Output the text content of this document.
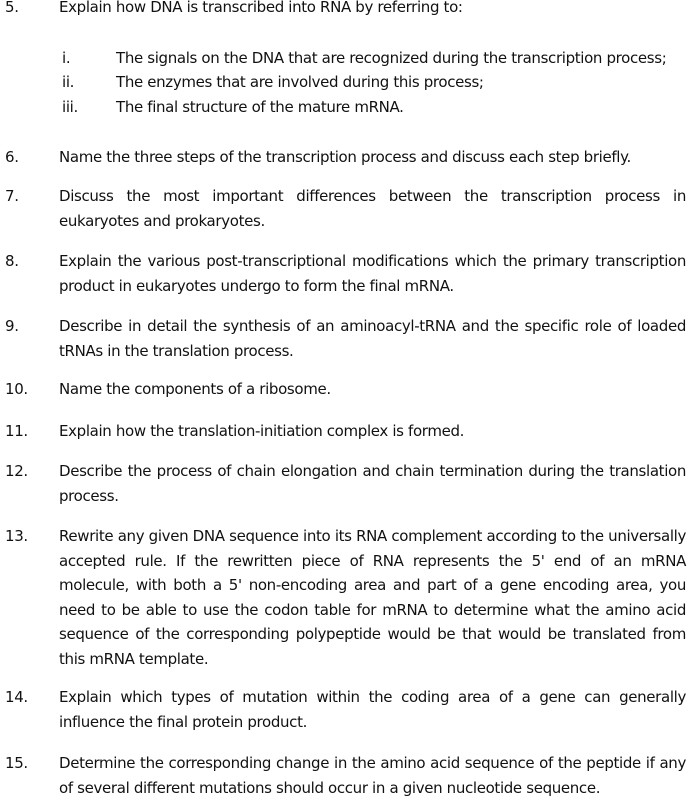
5.	Explain how DNA is transcribed into RNA by referring to:
i.	The signals on the DNA that are recognized during the transcription process;
ii.	The enzymes that are involved during this process;
iii.	The final structure of the mature mRNA.
6.	Name the three steps of the transcription process and discuss each step briefly.
7.	Discuss the most important differences between the transcription process in eukaryotes and prokaryotes.
8.	Explain the various post-transcriptional modifications which the primary transcription product in eukaryotes undergo to form the final mRNA.
9.	Describe in detail the synthesis of an aminoacyl-tRNA and the specific role of loaded tRNAs in the translation process.
10.	Name the components of a ribosome.
11.	Explain how the translation-initiation complex is formed.
12.	Describe the process of chain elongation and chain termination during the translation process.
13.	Rewrite any given DNA sequence into its RNA complement according to the universally accepted rule. If the rewritten piece of RNA represents the 5' end of an mRNA molecule, with both a 5' non-encoding area and part of a gene encoding area, you need to be able to use the codon table for mRNA to determine what the amino acid sequence of the corresponding polypeptide would be that would be translated from this mRNA template.
14.	Explain which types of mutation within the coding area of a gene can generally influence the final protein product.
15.	Determine the corresponding change in the amino acid sequence of the peptide if any of several different mutations should occur in a given nucleotide sequence.
